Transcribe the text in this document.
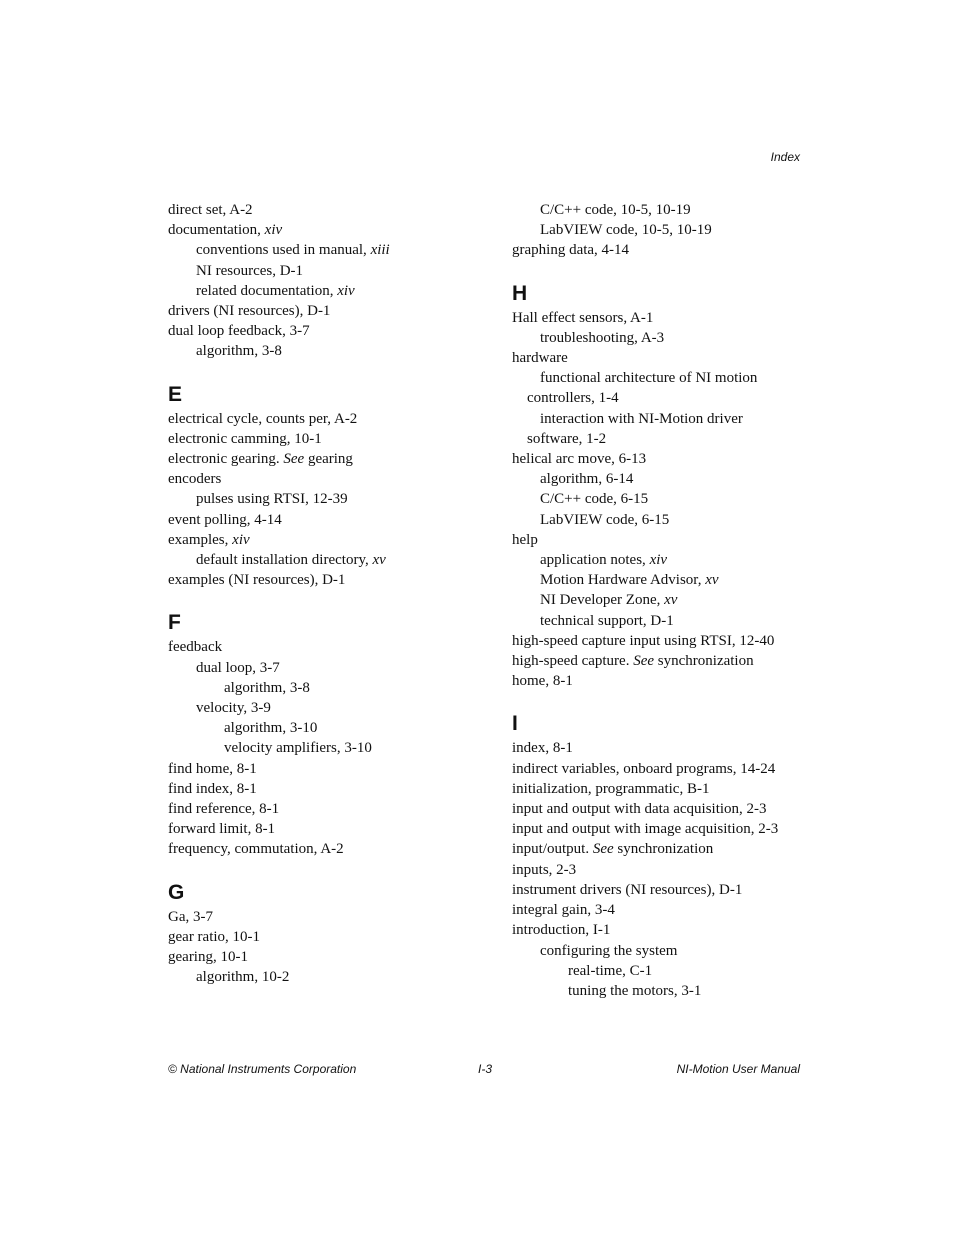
Index
direct set, A-2
documentation, xiv
conventions used in manual, xiii
NI resources, D-1
related documentation, xiv
drivers (NI resources), D-1
dual loop feedback, 3-7
algorithm, 3-8
E
electrical cycle, counts per, A-2
electronic camming, 10-1
electronic gearing. See gearing
encoders
pulses using RTSI, 12-39
event polling, 4-14
examples, xiv
default installation directory, xv
examples (NI resources), D-1
F
feedback
dual loop, 3-7
algorithm, 3-8
velocity, 3-9
algorithm, 3-10
velocity amplifiers, 3-10
find home, 8-1
find index, 8-1
find reference, 8-1
forward limit, 8-1
frequency, commutation, A-2
G
Ga, 3-7
gear ratio, 10-1
gearing, 10-1
algorithm, 10-2
C/C++ code, 10-5, 10-19
LabVIEW code, 10-5, 10-19
graphing data, 4-14
H
Hall effect sensors, A-1
troubleshooting, A-3
hardware
functional architecture of NI motion
controllers, 1-4
interaction with NI-Motion driver
software, 1-2
helical arc move, 6-13
algorithm, 6-14
C/C++ code, 6-15
LabVIEW code, 6-15
help
application notes, xiv
Motion Hardware Advisor, xv
NI Developer Zone, xv
technical support, D-1
high-speed capture input using RTSI, 12-40
high-speed capture. See synchronization
home, 8-1
I
index, 8-1
indirect variables, onboard programs, 14-24
initialization, programmatic, B-1
input and output with data acquisition, 2-3
input and output with image acquisition, 2-3
input/output. See synchronization
inputs, 2-3
instrument drivers (NI resources), D-1
integral gain, 3-4
introduction, I-1
configuring the system
real-time, C-1
tuning the motors, 3-1
© National Instruments Corporation	I-3	NI-Motion User Manual
